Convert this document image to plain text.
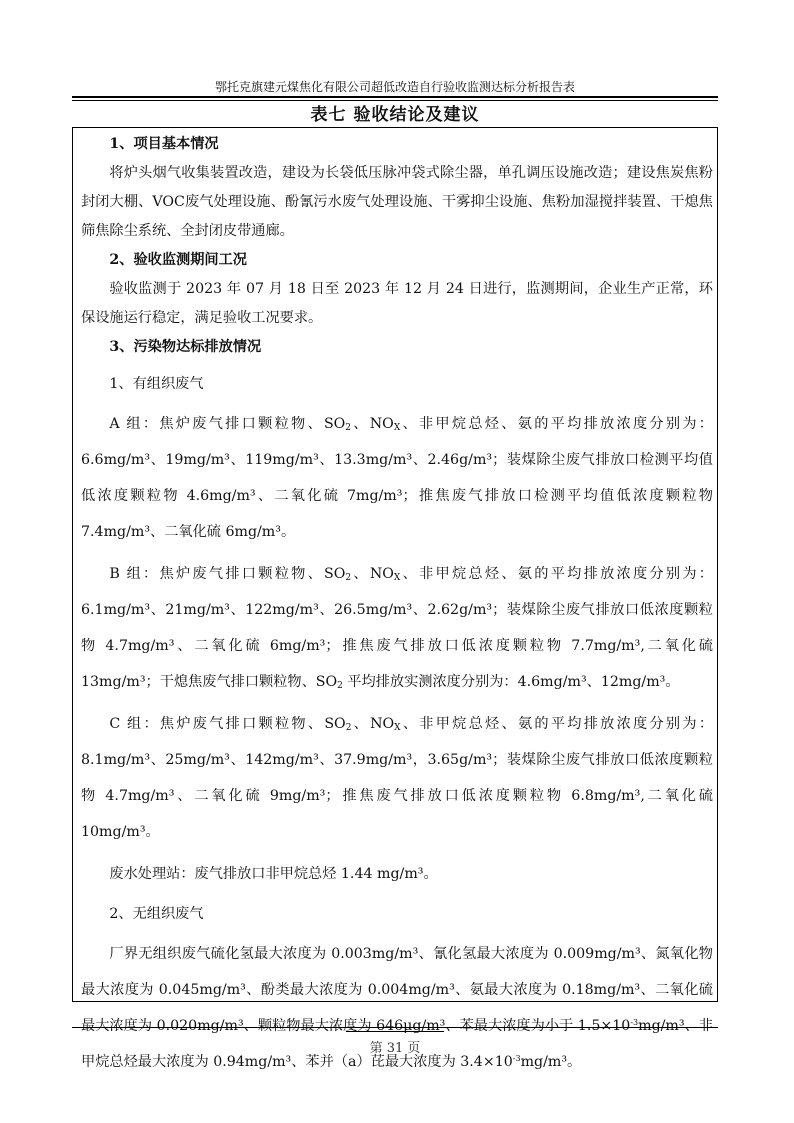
鄂托克旗建元煤焦化有限公司超低改造自行验收监测达标分析报告表
表七 验收结论及建议

1、项目基本情况

将炉头烟气收集装置改造，建设为长袋低压脉冲袋式除尘器，单孔调压设施改造；建设焦炭焦粉封闭大棚、VOC废气处理设施、酚氰污水废气处理设施、干雾抑尘设施、焦粉加湿搅拌装置、干熄焦筛焦除尘系统、全封闭皮带通廊。

2、验收监测期间工况

验收监测于 2023 年 07 月 18 日至 2023 年 12 月 24 日进行，监测期间，企业生产正常，环保设施运行稳定，满足验收工况要求。

3、污染物达标排放情况

1、有组织废气

A 组：焦炉废气排口颗粒物、$SO_2$、$NO_X$、非甲烷总烃、氨的平均排放浓度分别为：6.6mg/m³、19mg/m³、119mg/m³、13.3mg/m³、2.46g/m³；装煤除尘废气排放口检测平均值低浓度颗粒物 4.6mg/m³、二氧化硫 7mg/m³；推焦废气排放口检测平均值低浓度颗粒物 7.4mg/m³、二氧化硫 6mg/m³。

B 组：焦炉废气排口颗粒物、$SO_2$、$NO_X$、非甲烷总烃、氨的平均排放浓度分别为：6.1mg/m³、21mg/m³、122mg/m³、26.5mg/m³、2.62g/m³；装煤除尘废气排放口低浓度颗粒物 4.7mg/m³、二氧化硫 6mg/m³；推焦废气排放口低浓度颗粒物 7.7mg/m³,二氧化硫 13mg/m³；干熄焦废气排口颗粒物、$SO_2$ 平均排放实测浓度分别为：4.6mg/m³、12mg/m³。

C 组：焦炉废气排口颗粒物、$SO_2$、$NO_X$、非甲烷总烃、氨的平均排放浓度分别为：8.1mg/m³、25mg/m³、142mg/m³、37.9mg/m³，3.65g/m³；装煤除尘废气排放口低浓度颗粒物 4.7mg/m³、二氧化硫 9mg/m³；推焦废气排放口低浓度颗粒物 6.8mg/m³,二氧化硫 10mg/m³。

废水处理站：废气排放口非甲烷总烃 1.44 mg/m³。

2、无组织废气

厂界无组织废气硫化氢最大浓度为 0.003mg/m³、氰化氢最大浓度为 0.009mg/m³、氮氧化物最大浓度为 0.045mg/m³、酚类最大浓度为 0.004mg/m³、氨最大浓度为 0.18mg/m³、二氧化硫最大浓度为 0.020mg/m³、颗粒物最大浓度为 646μg/m³、苯最大浓度为小于 $1.5\times 10^{-3}mg/m^3$、非甲烷总烃最大浓度为 0.94mg/m³、苯并（a）芘最大浓度为 $3.4\times 10^{-3}mg/m^3$。

第 31 页
